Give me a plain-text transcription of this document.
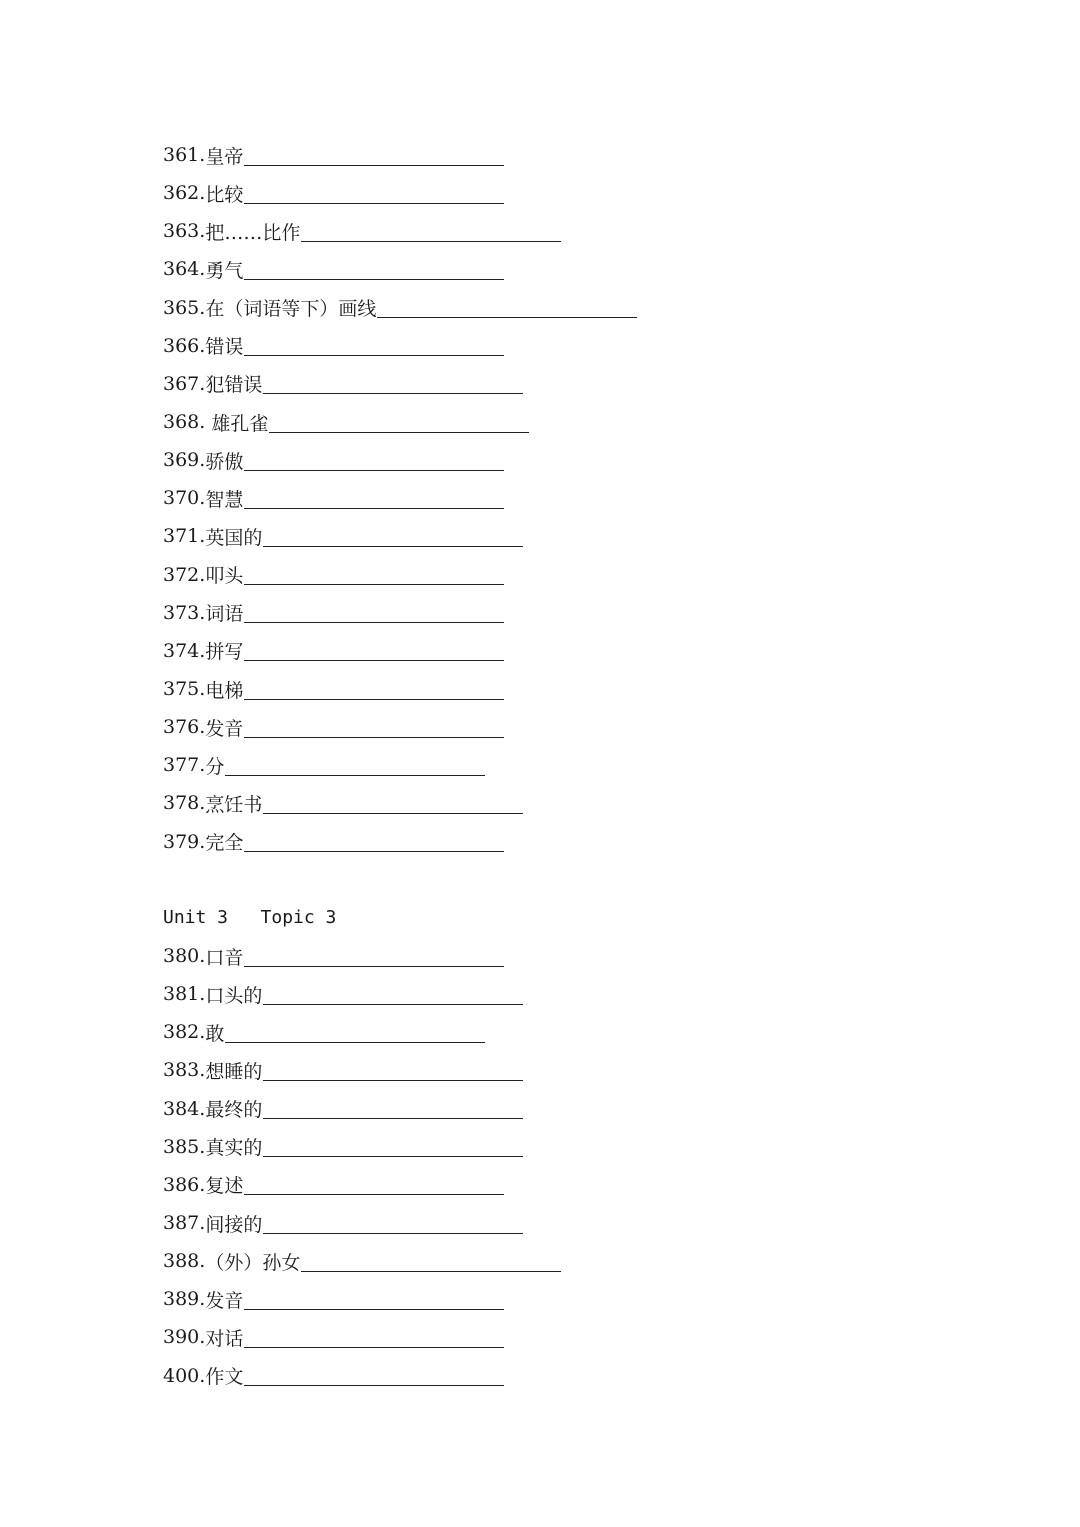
361. 皇帝
362. 比较
363. 把……比作
364. 勇气
365. 在（词语等下）画线
366. 错误
367. 犯错误
368. 雄孔雀
369. 骄傲
370. 智慧
371. 英国的
372. 叩头
373. 词语
374. 拼写
375. 电梯
376. 发音
377. 分
378. 烹饪书
379. 完全
Unit 3   Topic 3
380. 口音
381. 口头的
382. 敢
383. 想睡的
384. 最终的
385. 真实的
386. 复述
387. 间接的
388. （外）孙女
389. 发音
390. 对话
400. 作文
